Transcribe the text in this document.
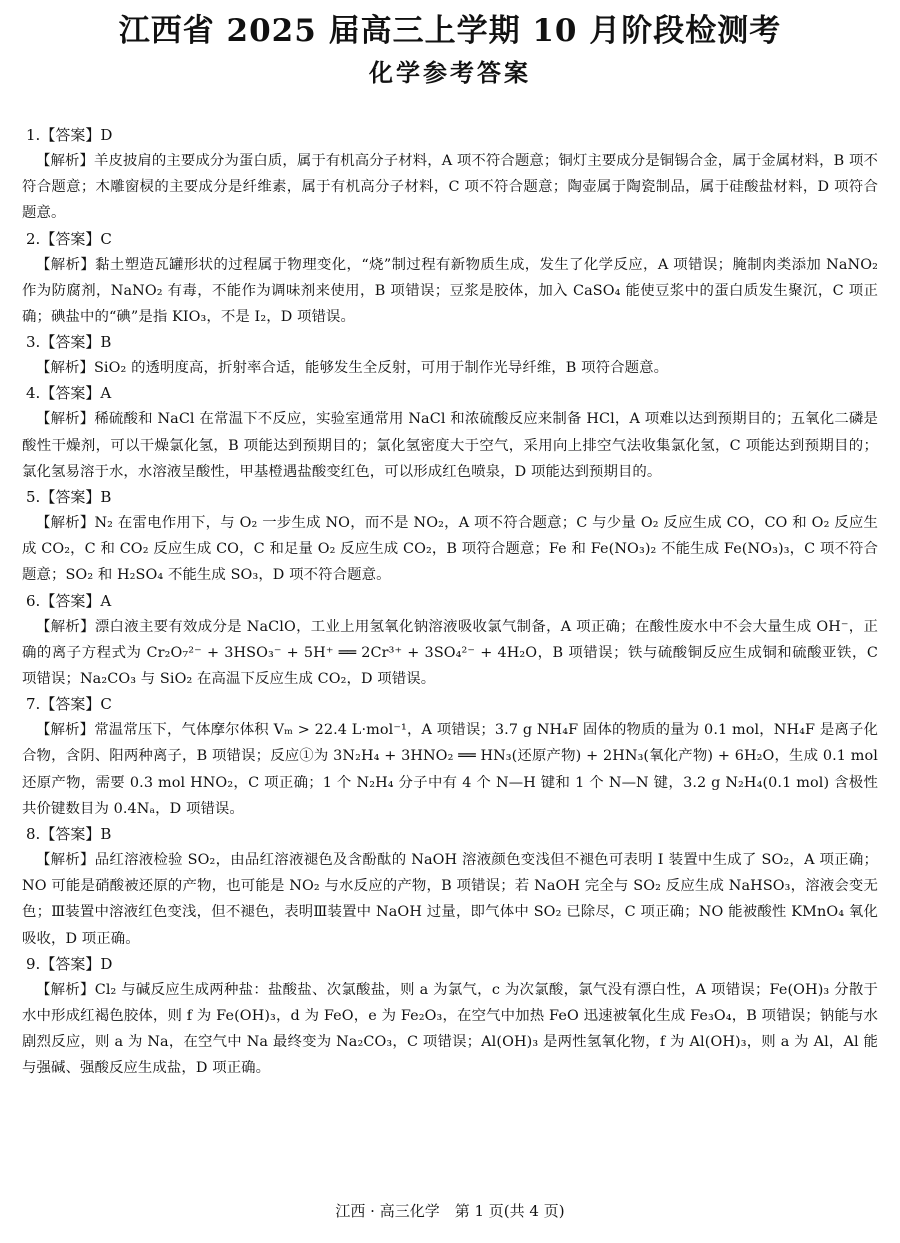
江西省 2025 届高三上学期 10 月阶段检测考
化学参考答案
1.【答案】D

【解析】羊皮披肩的主要成分为蛋白质，属于有机高分子材料，A 项不符合题意；铜灯主要成分是铜锡合金，属于金属材料，B 项不符合题意；木雕窗棂的主要成分是纤维素，属于有机高分子材料，C 项不符合题意；陶壶属于陶瓷制品，属于硅酸盐材料，D 项符合题意。

2.【答案】C

【解析】黏土塑造瓦罐形状的过程属于物理变化，“烧”制过程有新物质生成，发生了化学反应，A 项错误；腌制肉类添加 NaNO₂ 作为防腐剂，NaNO₂ 有毒，不能作为调味剂来使用，B 项错误；豆浆是胶体，加入 CaSO₄ 能使豆浆中的蛋白质发生聚沉，C 项正确；碘盐中的“碘”是指 KIO₃，不是 I₂，D 项错误。

3.【答案】B

【解析】SiO₂ 的透明度高，折射率合适，能够发生全反射，可用于制作光导纤维，B 项符合题意。

4.【答案】A

【解析】稀硫酸和 NaCl 在常温下不反应，实验室通常用 NaCl 和浓硫酸反应来制备 HCl，A 项难以达到预期目的；五氧化二磷是酸性干燥剂，可以干燥氯化氢，B 项能达到预期目的；氯化氢密度大于空气，采用向上排空气法收集氯化氢，C 项能达到预期目的；氯化氢易溶于水，水溶液呈酸性，甲基橙遇盐酸变红色，可以形成红色喷泉，D 项能达到预期目的。

5.【答案】B

【解析】N₂ 在雷电作用下，与 O₂ 一步生成 NO，而不是 NO₂，A 项不符合题意；C 与少量 O₂ 反应生成 CO，CO 和 O₂ 反应生成 CO₂，C 和 CO₂ 反应生成 CO，C 和足量 O₂ 反应生成 CO₂，B 项符合题意；Fe 和 Fe(NO₃)₂ 不能生成 Fe(NO₃)₃，C 项不符合题意；SO₂ 和 H₂SO₄ 不能生成 SO₃，D 项不符合题意。

6.【答案】A

【解析】漂白液主要有效成分是 NaClO，工业上用氢氧化钠溶液吸收氯气制备，A 项正确；在酸性废水中不会大量生成 OH⁻，正确的离子方程式为 Cr₂O₇²⁻ + 3HSO₃⁻ + 5H⁺ ══ 2Cr³⁺ + 3SO₄²⁻ + 4H₂O，B 项错误；铁与硫酸铜反应生成铜和硫酸亚铁，C 项错误；Na₂CO₃ 与 SiO₂ 在高温下反应生成 CO₂，D 项错误。

7.【答案】C

【解析】常温常压下，气体摩尔体积 Vₘ > 22.4 L·mol⁻¹，A 项错误；3.7 g NH₄F 固体的物质的量为 0.1 mol，NH₄F 是离子化合物，含阴、阳两种离子，B 项错误；反应①为 3N₂H₄ + 3HNO₂ ══ HN₃(还原产物) + 2HN₃(氧化产物) + 6H₂O，生成 0.1 mol 还原产物，需要 0.3 mol HNO₂，C 项正确；1 个 N₂H₄ 分子中有 4 个 N—H 键和 1 个 N—N 键，3.2 g N₂H₄(0.1 mol) 含极性共价键数目为 0.4Nₐ，D 项错误。

8.【答案】B

【解析】品红溶液检验 SO₂，由品红溶液褪色及含酚酞的 NaOH 溶液颜色变浅但不褪色可表明 Ⅰ 装置中生成了 SO₂，A 项正确；NO 可能是硝酸被还原的产物，也可能是 NO₂ 与水反应的产物，B 项错误；若 NaOH 完全与 SO₂ 反应生成 NaHSO₃，溶液会变无色；Ⅲ装置中溶液红色变浅，但不褪色，表明Ⅲ装置中 NaOH 过量，即气体中 SO₂ 已除尽，C 项正确；NO 能被酸性 KMnO₄ 氧化吸收，D 项正确。

9.【答案】D

【解析】Cl₂ 与碱反应生成两种盐：盐酸盐、次氯酸盐，则 a 为氯气，c 为次氯酸，氯气没有漂白性，A 项错误；Fe(OH)₃ 分散于水中形成红褐色胶体，则 f 为 Fe(OH)₃，d 为 FeO，e 为 Fe₂O₃，在空气中加热 FeO 迅速被氧化生成 Fe₃O₄，B 项错误；钠能与水剧烈反应，则 a 为 Na，在空气中 Na 最终变为 Na₂CO₃，C 项错误；Al(OH)₃ 是两性氢氧化物，f 为 Al(OH)₃，则 a 为 Al，Al 能与强碱、强酸反应生成盐，D 项正确。

江西 · 高三化学　第 1 页(共 4 页)
